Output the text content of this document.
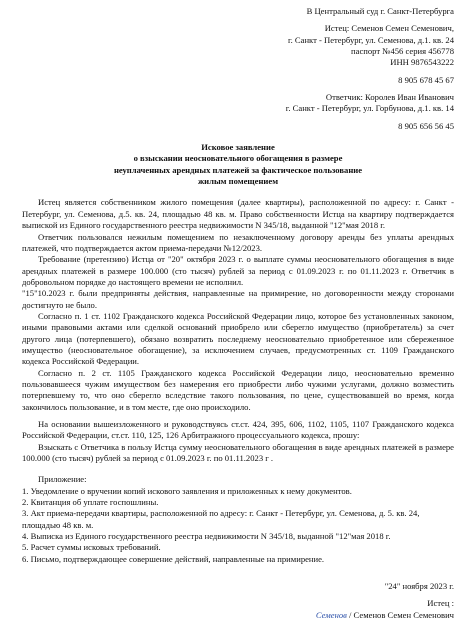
В Центральный суд г. Санкт-Петербурга
Истец: Семенов Семен Семенович,
г. Санкт - Петербург, ул. Семенова, д.1. кв. 24
паспорт №456 серия 456778
ИНН 9876543222
8 905 678 45 67
Ответчик: Королев Иван Иванович
г. Санкт - Петербург, ул. Горбунова, д.1. кв. 14
8 905 656 56 45
Исковое заявление
о взыскании неосновательного обогащения в размере
неуплаченных арендных платежей за фактическое пользование
жилым помещением
Истец является собственником жилого помещения (далее квартиры), расположенной по адресу: г. Санкт - Петербург, ул. Семенова, д.5. кв. 24, площадью 48 кв. м. Право собственности Истца на квартиру подтверждается выпиской из Единого государственного реестра недвижимости N 345/18, выданной "12"мая 2018 г.
Ответчик пользовался нежилым помещением по незаключенному договору аренды без уплаты арендных платежей, что подтверждается актом приема-передачи №12/2023.
Требование (претензию) Истца от "20" октября 2023 г. о выплате суммы неосновательного обогащения в виде арендных платежей в размере 100.000 (сто тысяч) рублей за период с 01.09.2023 г. по 01.11.2023 г. Ответчик в добровольном порядке до настоящего времени не исполнил.
"15"10.2023 г. были предприняты действия, направленные на примирение, но договоренности между сторонами достигнуто не было.
Согласно п. 1 ст. 1102 Гражданского кодекса Российской Федерации лицо, которое без установленных законом, иными правовыми актами или сделкой оснований приобрело или сберегло имущество (приобретатель) за счет другого лица (потерпевшего), обязано возвратить последнему неосновательно приобретенное или сбереженное имущество (неосновательное обогащение), за исключением случаев, предусмотренных ст. 1109 Гражданского кодекса Российской Федерации.
Согласно п. 2 ст. 1105 Гражданского кодекса Российской Федерации лицо, неосновательно временно пользовавшееся чужим имуществом без намерения его приобрести либо чужими услугами, должно возместить потерпевшему то, что оно сберегло вследствие такого пользования, по цене, существовавшей во время, когда закончилось пользование, и в том месте, где оно происходило.
На основании вышеизложенного и руководствуясь ст.ст. 424, 395, 606, 1102, 1105, 1107 Гражданского кодекса Российской Федерации, ст.ст. 110, 125, 126 Арбитражного процессуального кодекса, прошу:
Взыскать с Ответчика в пользу Истца сумму неосновательного обогащения в виде арендных платежей в размере 100.000 (сто тысяч) рублей за период с 01.09.2023 г. по 01.11.2023 г .
Приложение:
1. Уведомление о вручении копий искового заявления и приложенных к нему документов.
2. Квитанция об уплате госпошлины.
3. Акт приема-передачи квартиры, расположенной по адресу: г. Санкт - Петербург, ул. Семенова, д. 5. кв. 24, площадью 48 кв. м.
4. Выписка из Единого государственного реестра недвижимости N 345/18, выданной "12"мая 2018 г.
5. Расчет суммы исковых требований.
6. Письмо, подтверждающее совершение действий, направленные на примирение.
"24" ноября 2023 г.
Истец :
Семенов / Семенов Семен Семенович
